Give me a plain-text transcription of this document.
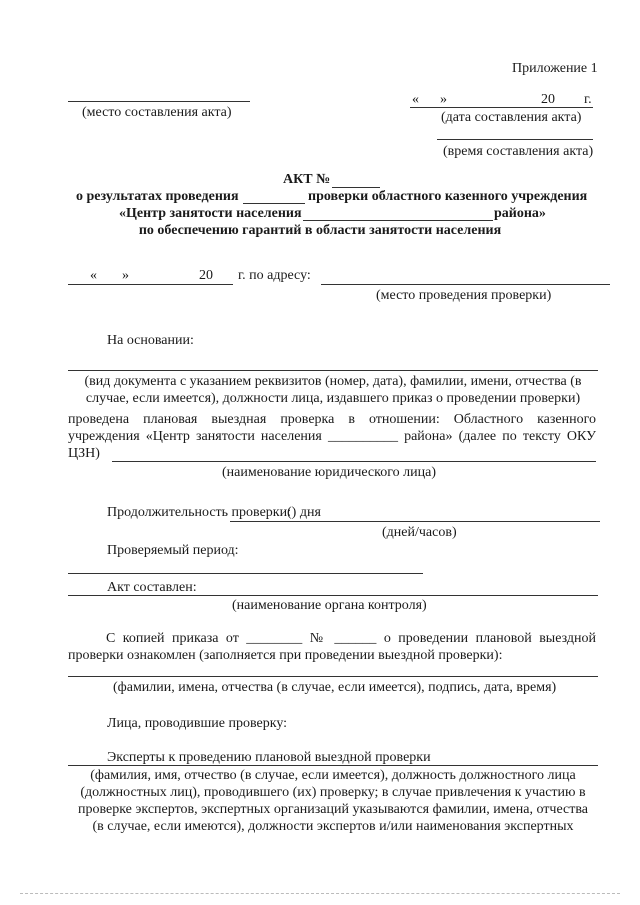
Приложение 1
(место составления акта)
« »	20 г.
(дата составления акта)
(время составления акта)
АКТ №
о результатах проведения	проверки областного казенного учреждения
«Центр занятости населения	района»
по обеспечению гарантий в области занятости населения
« »	20 г. по адресу:
(место проведения проверки)
На основании:
(вид документа с указанием реквизитов (номер, дата), фамилии, имени, отчества (в
случае, если имеется), должности лица, издавшего приказ о проведении проверки)
проведена плановая выездная проверка в отношении: Областного казенного учреждения «Центр занятости населения __________ района» (далее по тексту ОКУ ЦЗН)
(наименование юридического лица)
Продолжительность проверки:
() дня
(дней/часов)
Проверяемый период:
Акт составлен:
(наименование органа контроля)
С копией приказа от ________ № ______ о проведении плановой выездной проверки ознакомлен (заполняется при проведении выездной проверки):
(фамилии, имена, отчества (в случае, если имеется), подпись, дата, время)
Лица, проводившие проверку:
Эксперты к проведению плановой выездной проверки
(фамилия, имя, отчество (в случае, если имеется), должность должностного лица
(должностных лиц), проводившего (их) проверку; в случае привлечения к участию в
проверке экспертов, экспертных организаций указываются фамилии, имена, отчества
(в случае, если имеются), должности экспертов и/или наименования экспертных
